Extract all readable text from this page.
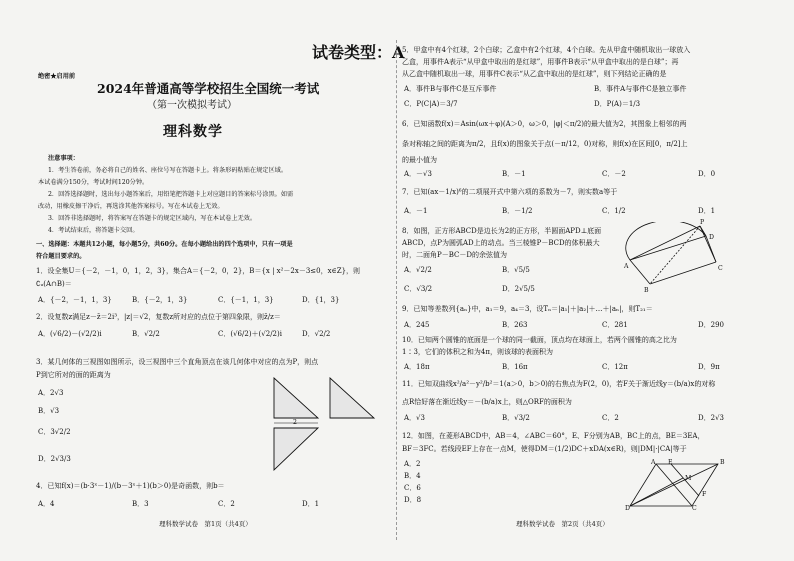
试卷类型：A
绝密★启用前
2024年普通高等学校招生全国统一考试
（第一次模拟考试）
理科数学
注意事项：
1．考生答卷前，务必将自己的姓名、座位号写在答题卡上。将条形码粘贴在规定区域。
本试卷满分150分，考试时间120分钟。
2．回答选择题时，选出每小题答案后，用铅笔把答题卡上对应题目的答案标号涂黑。如需
改动，用橡皮擦干净后，再选涂其他答案标号。写在本试卷上无效。
3．回答非选择题时，将答案写在答题卡的规定区域内，写在本试卷上无效。
4．考试结束后，将答题卡交回。
一、选择题：本题共12小题，每小题5分，共60分。在每小题给出的四个选项中，只有一项是
符合题目要求的。
1．设全集U＝{－2，－1，0，1，2，3}，集合A＝{－2，0，2}，B＝{x | x²－2x－3≤0，x∈Z}，则
∁ᵤ(A∩B)＝
A．{－2，－1，1，3}	B．{－2，1，3}	C．{－1，1，3}	D．{1，3}
2．设复数z满足z－z̄＝2i³，|z|＝√2，复数z所对应的点位于第四象限，则z̄/z＝
A．(√6/2)－(√2/2)i	B．√2/2	C．(√6/2)＋(√2/2)i	D．√2/2
3．某几何体的三视图如图所示，设三视图中三个直角顶点在该几何体中对应的点为P，则点
P到它所对的面的距离为
A．2√3
B．√3
C．3√2/2
D．2√3/3
2
4．已知f(x)＝(b·3ˣ－1)/(b－3ˣ＋1)(b＞0)是奇函数，则b＝
A．4	B．3	C．2	D．1
理科数学试卷　第1页（共4页）
5．甲盒中有4个红球，2个白球；乙盒中有2个红球，4个白球。先从甲盒中随机取出一球放入
乙盒，用事件A表示“从甲盒中取出的是红球”，用事件B表示“从甲盒中取出的是白球”；再
从乙盒中随机取出一球，用事件C表示“从乙盒中取出的是红球”，则下列结论正确的是
A．事件B与事件C是互斥事件	B．事件A与事件C是独立事件
C．P(C|A)＝3/7	D．P(A)＝1/3
6．已知函数f(x)＝Asin(ωx＋φ)(A＞0，ω＞0，|φ|＜π/2)的最大值为2，其图象上相邻的两
条对称轴之间的距离为π/2，且f(x)的图象关于点(－π/12，0)对称，则f(x)在区间[0，π/2]上
的最小值为
A．－√3	B．－1	C．－2	D．0
7．已知(ax－1/x)⁶的二项展开式中第六项的系数为－7，则实数a等于
A．－1	B．－1/2	C．1/2	D．1
8．如图，正方形ABCD是边长为2的正方形，半圆面APD⊥底面
ABCD，点P为圆弧AD上的动点。当三棱锥P－BCD的体积最大
时，二面角P－BC－D的余弦值为
A．√2/2	B．√5/5
C．√3/2	D．2√5/5
P
A
D
B
C
9．已知等差数列{aₙ}中，a₁＝9，a₄＝3，设Tₙ＝|a₁|＋|a₂|＋…＋|aₙ|，则T₂₁＝
A．245	B．263	C．281	D．290
10．已知两个圆锥的底面是一个球的同一截面，顶点均在球面上，若两个圆锥的高之比为
1∶3，它们的体积之和为4π，则该球的表面积为
A．18π	B．16π	C．12π	D．9π
11．已知双曲线x²/a²－y²/b²＝1(a＞0，b＞0)的右焦点为F(2，0)，若F关于渐近线y＝(b/a)x的对称
点R恰好落在渐近线y＝－(b/a)x上，则△ORF的面积为
A．√3	B．√3/2	C．2	D．2√3
12．如图，在菱形ABCD中，AB＝4，∠ABC＝60°，E、F分别为AB，BC上的点，BE＝3EA，
BF＝3FC。若线段EF上存在一点M，使得DM＝(1/2)DC＋xDA(x∈R)，则|DM|·|CA|等于
A．2
B．4
C．6
D．8
A E	B
D
M
F
C
理科数学试卷　第2页（共4页）
